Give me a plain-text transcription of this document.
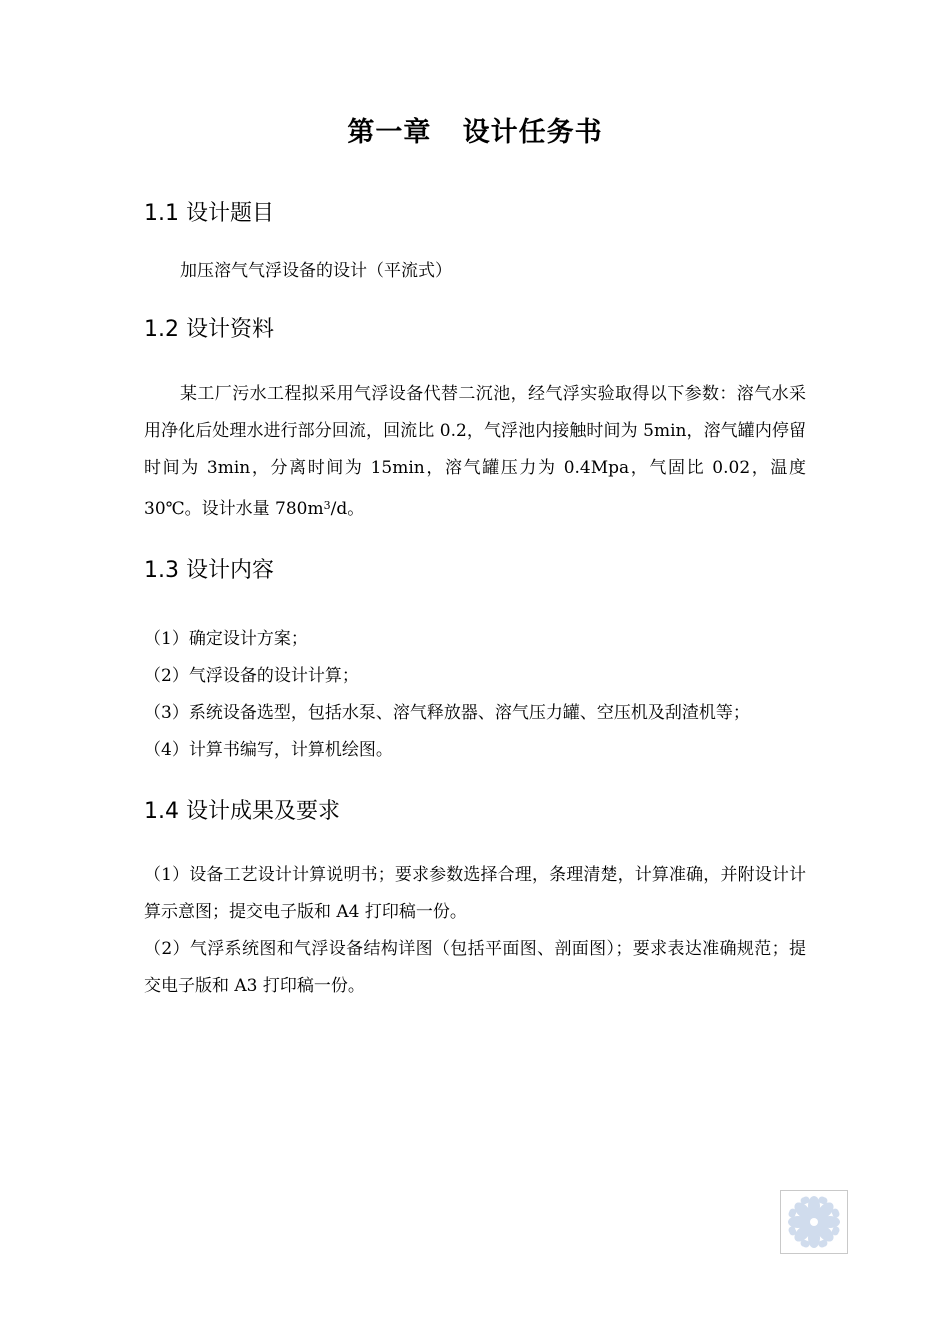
第一章   设计任务书
1.1 设计题目
加压溶气气浮设备的设计（平流式）
1.2 设计资料
某工厂污水工程拟采用气浮设备代替二沉池，经气浮实验取得以下参数：溶气水采用净化后处理水进行部分回流，回流比 0.2，气浮池内接触时间为 5min，溶气罐内停留时间为 3min，分离时间为 15min，溶气罐压力为 0.4Mpa，气固比 0.02，温度 30℃。设计水量 $780m^3/d$。
1.3 设计内容
（1）确定设计方案；
（2）气浮设备的设计计算；
（3）系统设备选型，包括水泵、溶气释放器、溶气压力罐、空压机及刮渣机等；
（4）计算书编写，计算机绘图。
1.4 设计成果及要求
（1）设备工艺设计计算说明书；要求参数选择合理，条理清楚，计算准确，并附设计计算示意图；提交电子版和 A4 打印稿一份。
（2）气浮系统图和气浮设备结构详图（包括平面图、剖面图）；要求表达准确规范；提交电子版和 A3 打印稿一份。
